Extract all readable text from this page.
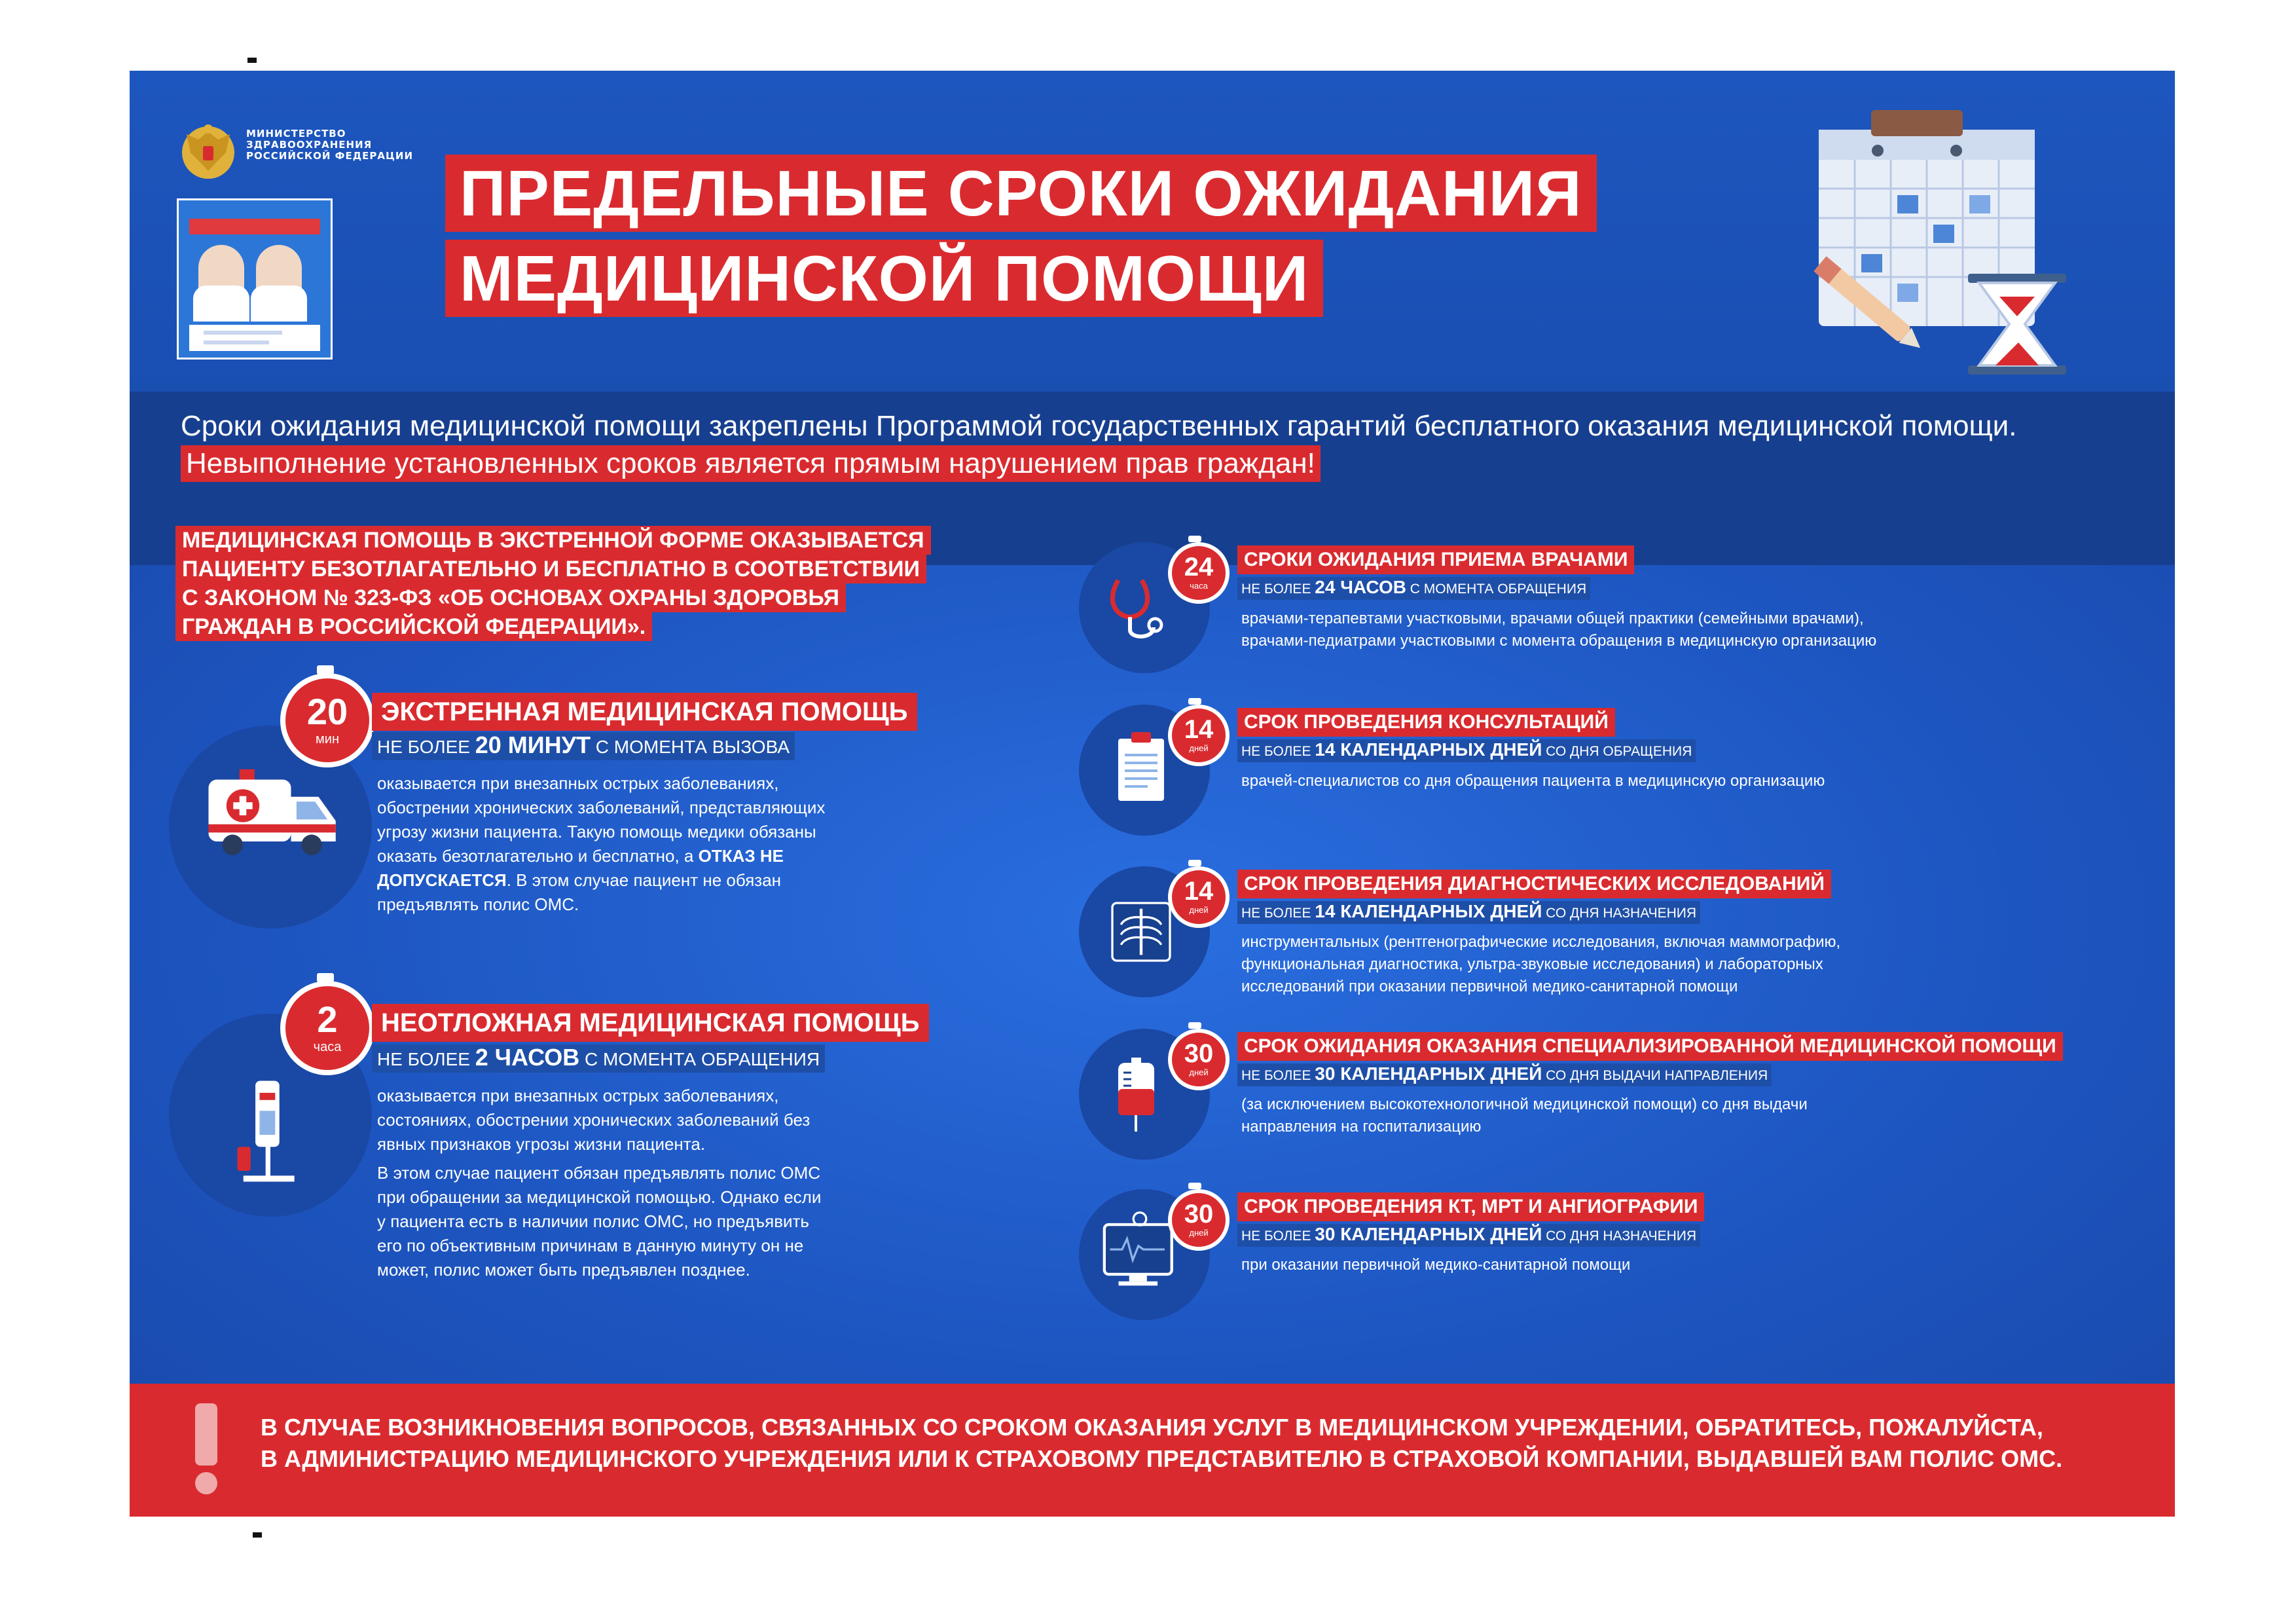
МИНИСТЕРСТВО
ЗДРАВООХРАНЕНИЯ
РОССИЙСКОЙ ФЕДЕРАЦИИ
ПРЕДЕЛЬНЫЕ СРОКИ ОЖИДАНИЯ
МЕДИЦИНСКОЙ ПОМОЩИ
Сроки ожидания медицинской помощи закреплены Программой государственных гарантий бесплатного оказания медицинской помощи.
Невыполнение установленных сроков является прямым нарушением прав граждан!
МЕДИЦИНСКАЯ ПОМОЩЬ В ЭКСТРЕННОЙ ФОРМЕ ОКАЗЫВАЕТСЯ
ПАЦИЕНТУ БЕЗОТЛАГАТЕЛЬНО И БЕСПЛАТНО В СООТВЕТСТВИИ
С ЗАКОНОМ № 323-ФЗ «ОБ ОСНОВАХ ОХРАНЫ ЗДОРОВЬЯ
ГРАЖДАН В РОССИЙСКОЙ ФЕДЕРАЦИИ».
20
мин
ЭКСТРЕННАЯ МЕДИЦИНСКАЯ ПОМОЩЬ
НЕ БОЛЕЕ 20 МИНУТ С МОМЕНТА ВЫЗОВА
оказывается при внезапных острых заболеваниях,
обострении хронических заболеваний, представляющих
угрозу жизни пациента. Такую помощь медики обязаны
оказать безотлагательно и бесплатно, а ОТКАЗ НЕ
ДОПУСКАЕТСЯ. В этом случае пациент не обязан
предъявлять полис ОМС.
2
часа
НЕОТЛОЖНАЯ МЕДИЦИНСКАЯ ПОМОЩЬ
НЕ БОЛЕЕ 2 ЧАСОВ С МОМЕНТА ОБРАЩЕНИЯ
оказывается при внезапных острых заболеваниях,
состояниях, обострении хронических заболеваний без
явных признаков угрозы жизни пациента.
В этом случае пациент обязан предъявлять полис ОМС
при обращении за медицинской помощью. Однако если
у пациента есть в наличии полис ОМС, но предъявить
его по объективным причинам в данную минуту он не
может, полис может быть предъявлен позднее.
24
часа
СРОКИ ОЖИДАНИЯ ПРИЕМА ВРАЧАМИ
НЕ БОЛЕЕ 24 ЧАСОВ С МОМЕНТА ОБРАЩЕНИЯ
врачами-терапевтами участковыми, врачами общей практики (семейными врачами),
врачами-педиатрами участковыми с момента обращения в медицинскую организацию
14
дней
СРОК ПРОВЕДЕНИЯ КОНСУЛЬТАЦИЙ
НЕ БОЛЕЕ 14 КАЛЕНДАРНЫХ ДНЕЙ СО ДНЯ ОБРАЩЕНИЯ
врачей-специалистов со дня обращения пациента в медицинскую организацию
14
дней
СРОК ПРОВЕДЕНИЯ ДИАГНОСТИЧЕСКИХ ИССЛЕДОВАНИЙ
НЕ БОЛЕЕ 14 КАЛЕНДАРНЫХ ДНЕЙ СО ДНЯ НАЗНАЧЕНИЯ
инструментальных (рентгенографические исследования, включая маммографию,
функциональная диагностика, ультра-звуковые исследования) и лабораторных
исследований при оказании первичной медико-санитарной помощи
30
дней
СРОК ОЖИДАНИЯ ОКАЗАНИЯ СПЕЦИАЛИЗИРОВАННОЙ МЕДИЦИНСКОЙ ПОМОЩИ
НЕ БОЛЕЕ 30 КАЛЕНДАРНЫХ ДНЕЙ СО ДНЯ ВЫДАЧИ НАПРАВЛЕНИЯ
(за исключением высокотехнологичной медицинской помощи) со дня выдачи
направления на госпитализацию
30
дней
СРОК ПРОВЕДЕНИЯ КТ, МРТ И АНГИОГРАФИИ
НЕ БОЛЕЕ 30 КАЛЕНДАРНЫХ ДНЕЙ СО ДНЯ НАЗНАЧЕНИЯ
при оказании первичной медико-санитарной помощи
В СЛУЧАЕ ВОЗНИКНОВЕНИЯ ВОПРОСОВ, СВЯЗАННЫХ СО СРОКОМ ОКАЗАНИЯ УСЛУГ В МЕДИЦИНСКОМ УЧРЕЖДЕНИИ, ОБРАТИТЕСЬ, ПОЖАЛУЙСТА,
В АДМИНИСТРАЦИЮ МЕДИЦИНСКОГО УЧРЕЖДЕНИЯ ИЛИ К СТРАХОВОМУ ПРЕДСТАВИТЕЛЮ В СТРАХОВОЙ КОМПАНИИ, ВЫДАВШЕЙ ВАМ ПОЛИС ОМС.
